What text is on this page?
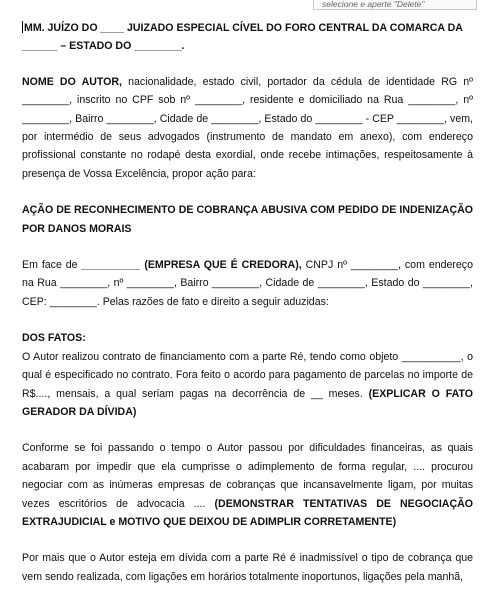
selecione e aperte "Delete"

MM. JUÍZO DO ____ JUIZADO ESPECIAL CÍVEL DO FORO CENTRAL DA COMARCA DA
______ – ESTADO DO ________.

NOME DO AUTOR, nacionalidade, estado civil, portador da cédula de identidade RG nº ________, inscrito no CPF sob nº ________, residente e domiciliado na Rua ________, nº ________, Bairro ________, Cidade de ________, Estado do ________ - CEP ________, vem, por intermédio de seus advogados (instrumento de mandato em anexo), com endereço profissional constante no rodapé desta exordial, onde recebe intimações, respeitosamente à presença de Vossa Excelência, propor ação para:

AÇÃO DE RECONHECIMENTO DE COBRANÇA ABUSIVA COM PEDIDO DE INDENIZAÇÃO POR DANOS MORAIS

Em face de __________ (EMPRESA QUE É CREDORA), CNPJ nº ________, com endereço na Rua ________, nº ________, Bairro ________, Cidade de ________, Estado do ________, CEP: ________. Pelas razões de fato e direito a seguir aduzidas:

DOS FATOS:

O Autor realizou contrato de financiamento com a parte Ré, tendo como objeto __________, o qual é especificado no contrato. Fora feito o acordo para pagamento de parcelas no importe de R$...., mensais, a qual seriam pagas na decorrência de __ meses. (EXPLICAR O FATO GERADOR DA DÍVIDA)

Conforme se foi passando o tempo o Autor passou por dificuldades financeiras, as quais acabaram por impedir que ela cumprisse o adimplemento de forma regular, .... procurou negociar com as inúmeras empresas de cobranças que incansavelmente ligam, por muitas vezes escritórios de advocacia .... (DEMONSTRAR TENTATIVAS DE NEGOCIAÇÃO EXTRAJUDICIAL e MOTIVO QUE DEIXOU DE ADIMPLIR CORRETAMENTE)

Por mais que o Autor esteja em dívida com a parte Ré é inadmissível o tipo de cobrança que vem sendo realizada, com ligações em horários totalmente inoportunos, ligações pela manhã,
